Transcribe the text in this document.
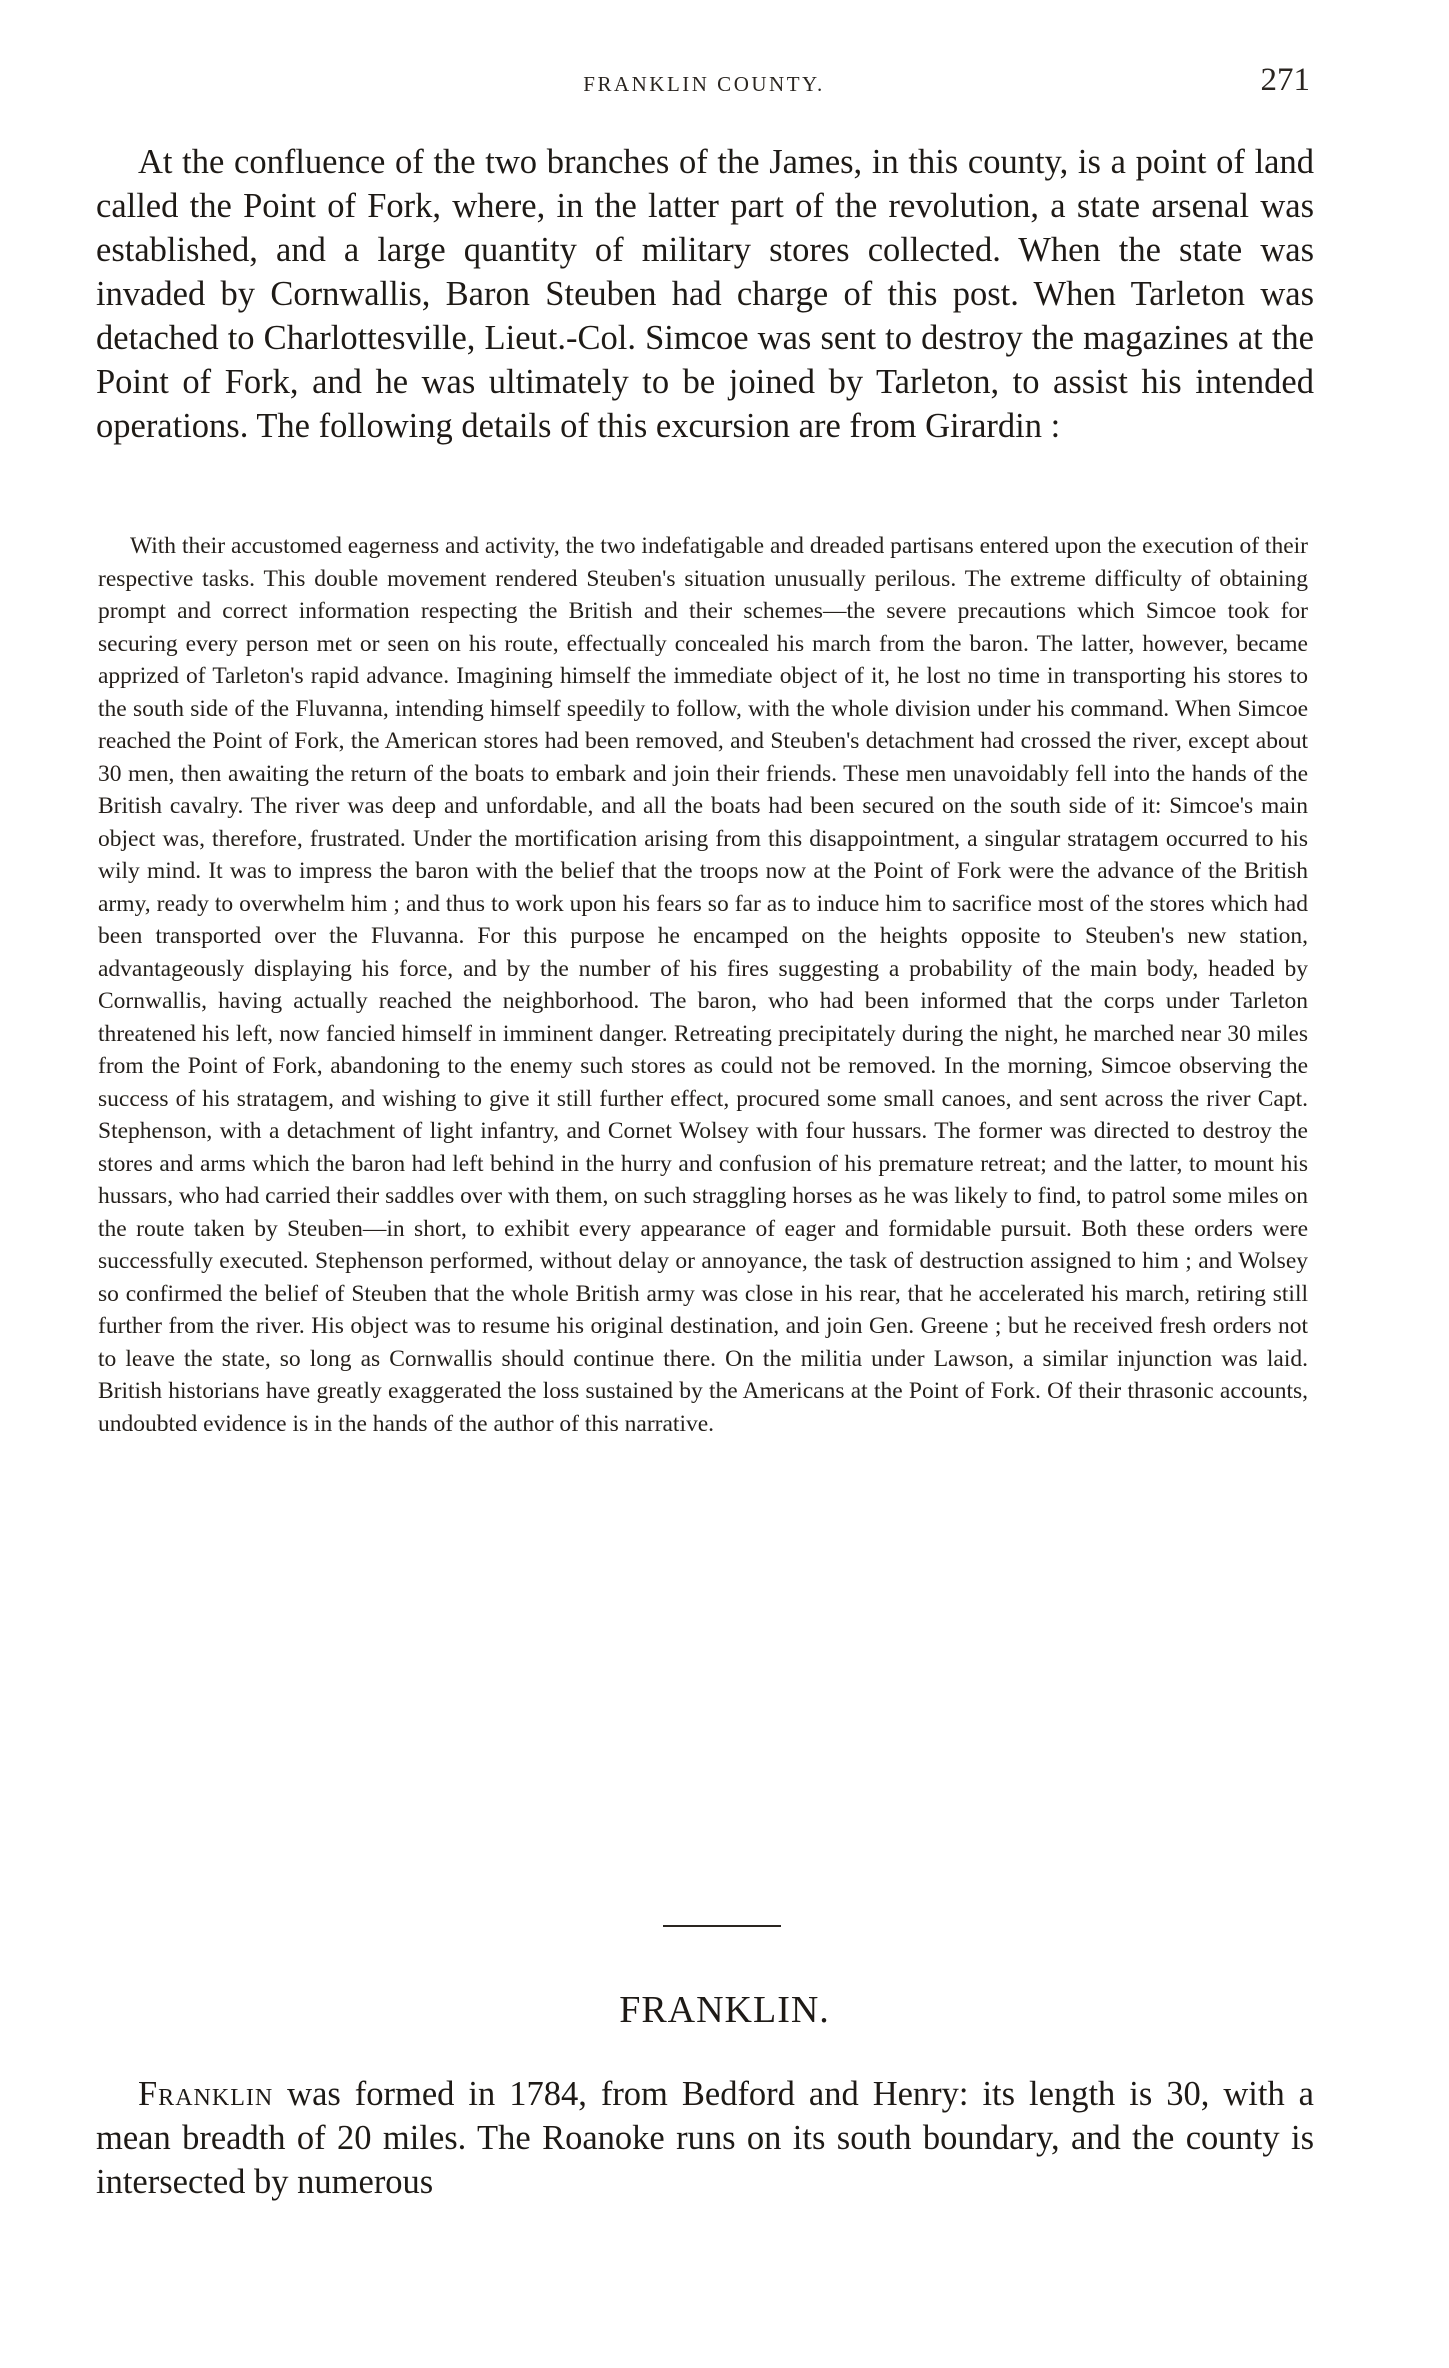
FRANKLIN COUNTY.	271

At the confluence of the two branches of the James, in this county, is a point of land called the Point of Fork, where, in the latter part of the revolution, a state arsenal was established, and a large quantity of military stores collected. When the state was invaded by Cornwallis, Baron Steuben had charge of this post. When Tarleton was detached to Charlottesville, Lieut.-Col. Simcoe was sent to destroy the magazines at the Point of Fork, and he was ultimately to be joined by Tarleton, to assist his intended operations. The following details of this excursion are from Girardin :

With their accustomed eagerness and activity, the two indefatigable and dreaded partisans entered upon the execution of their respective tasks. This double movement rendered Steuben's situation unusually perilous. The extreme difficulty of obtaining prompt and correct information respecting the British and their schemes—the severe precautions which Simcoe took for securing every person met or seen on his route, effectually concealed his march from the baron. The latter, however, became apprized of Tarleton's rapid advance. Imagining himself the immediate object of it, he lost no time in transporting his stores to the south side of the Fluvanna, intending himself speedily to follow, with the whole division under his command. When Simcoe reached the Point of Fork, the American stores had been removed, and Steuben's detachment had crossed the river, except about 30 men, then awaiting the return of the boats to embark and join their friends. These men unavoidably fell into the hands of the British cavalry. The river was deep and unfordable, and all the boats had been secured on the south side of it: Simcoe's main object was, therefore, frustrated. Under the mortification arising from this disappointment, a singular stratagem occurred to his wily mind. It was to impress the baron with the belief that the troops now at the Point of Fork were the advance of the British army, ready to overwhelm him ; and thus to work upon his fears so far as to induce him to sacrifice most of the stores which had been transported over the Fluvanna. For this purpose he encamped on the heights opposite to Steuben's new station, advantageously displaying his force, and by the number of his fires suggesting a probability of the main body, headed by Cornwallis, having actually reached the neighborhood. The baron, who had been informed that the corps under Tarleton threatened his left, now fancied himself in imminent danger. Retreating precipitately during the night, he marched near 30 miles from the Point of Fork, abandoning to the enemy such stores as could not be removed. In the morning, Simcoe observing the success of his stratagem, and wishing to give it still further effect, procured some small canoes, and sent across the river Capt. Stephenson, with a detachment of light infantry, and Cornet Wolsey with four hussars. The former was directed to destroy the stores and arms which the baron had left behind in the hurry and confusion of his premature retreat; and the latter, to mount his hussars, who had carried their saddles over with them, on such straggling horses as he was likely to find, to patrol some miles on the route taken by Steuben—in short, to exhibit every appearance of eager and formidable pursuit. Both these orders were successfully executed. Stephenson performed, without delay or annoyance, the task of destruction assigned to him ; and Wolsey so confirmed the belief of Steuben that the whole British army was close in his rear, that he accelerated his march, retiring still further from the river. His object was to resume his original destination, and join Gen. Greene ; but he received fresh orders not to leave the state, so long as Cornwallis should continue there. On the militia under Lawson, a similar injunction was laid. British historians have greatly exaggerated the loss sustained by the Americans at the Point of Fork. Of their thrasonic accounts, undoubted evidence is in the hands of the author of this narrative.

FRANKLIN.

Franklin was formed in 1784, from Bedford and Henry: its length is 30, with a mean breadth of 20 miles. The Roanoke runs on its south boundary, and the county is intersected by numerous
